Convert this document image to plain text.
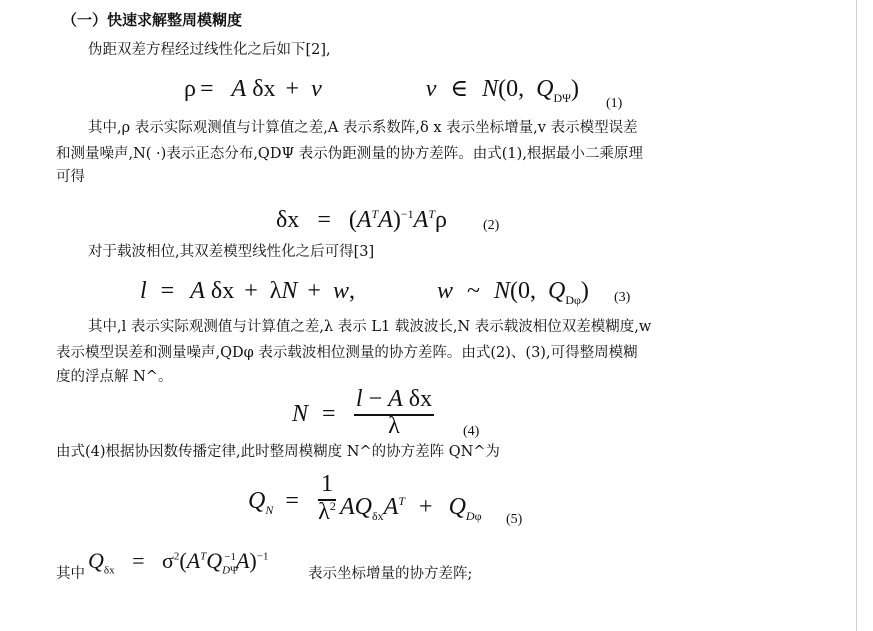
（一）快速求解整周模糊度
伪距双差方程经过线性化之后如下[2],
ρ = A δx + v	v ∈ N(0, $Q_{D\Psi}$)
(1)
其中,ρ 表示实际观测值与计算值之差,A 表示系数阵,δ x 表示坐标增量,v 表示模型误差
和测量噪声,N( ·)表示正态分布,QDΨ 表示伪距测量的协方差阵。由式(1),根据最小二乘原理
可得
$\delta x = (A^TA)^{-1}A^T\rho$	(2)
对于载波相位,其双差模型线性化之后可得[3]
l = A δx + λN + w,	w ~ N(0, $Q_{D\varphi}$) (3)
其中,l 表示实际观测值与计算值之差,λ 表示 L1 载波波长,N 表示载波相位双差模糊度,w
表示模型误差和测量噪声,QDφ 表示载波相位测量的协方差阵。由式(2)、(3),可得整周模糊
度的浮点解 N^。
N =
l − A δx
λ	(4)
由式(4)根据协因数传播定律,此时整周模糊度 N^的协方差阵 QN^为
$Q_N$ =
1
$\lambda^2$ $AQ_{\delta x}A^T + Q_{D\varphi}$ (5)
其中
$Q_{\delta x} = \sigma^2(A^TQ_{D\Psi}^{-1}A)^{-1}$
表示坐标增量的协方差阵;
